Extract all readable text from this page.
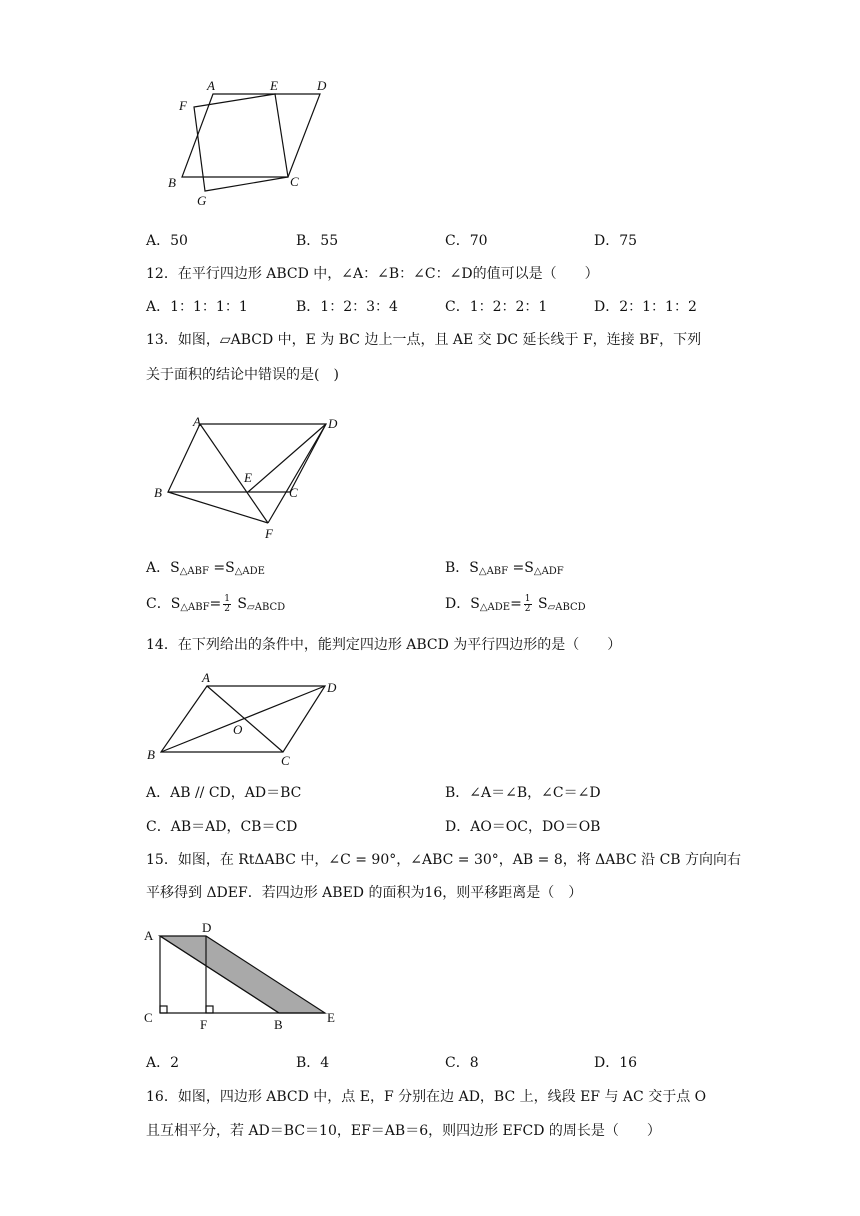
A	E	D
F
B	C
G
A．50	B．55	C．70	D．75
12．在平行四边形 ABCD 中，∠A：∠B：∠C：∠D的值可以是（　　）
A．1：1：1：1	B．1：2：3：4	C．1：2：2：1	D．2：1：1：2
13．如图，▱ABCD 中，E 为 BC 边上一点，且 AE 交 DC 延长线于 F，连接 BF，下列
关于面积的结论中错误的是(　)
A	D
E
B	C
F
A．$S_{\triangle ABF} =S_{\triangle ADE}$	B．$S_{\triangle ABF} =S_{\triangle ADF}$
C．$S_{\triangle ABF}= \frac{1}{2} S_{▱ABCD}$	D．$S_{\triangle ADE}= \frac{1}{2} S_{▱ABCD}$
14．在下列给出的条件中，能判定四边形 ABCD 为平行四边形的是（　　）
A
D
O
B	C
A．AB // CD，AD＝BC	B．∠A＝∠B，∠C＝∠D
C．AB＝AD，CB＝CD	D．AO＝OC，DO＝OB
15．如图，在 RtΔABC 中，∠C = 90°，∠ABC = 30°，AB = 8，将 ΔABC 沿 CB 方向向右
平移得到 ΔDEF．若四边形 ABED 的面积为16，则平移距离是（　）
A
D
C	F	B	E
A．2	B．4	C．8	D．16
16．如图，四边形 ABCD 中，点 E，F 分别在边 AD，BC 上，线段 EF 与 AC 交于点 O
且互相平分，若 AD＝BC＝10，EF＝AB＝6，则四边形 EFCD 的周长是（　　）
